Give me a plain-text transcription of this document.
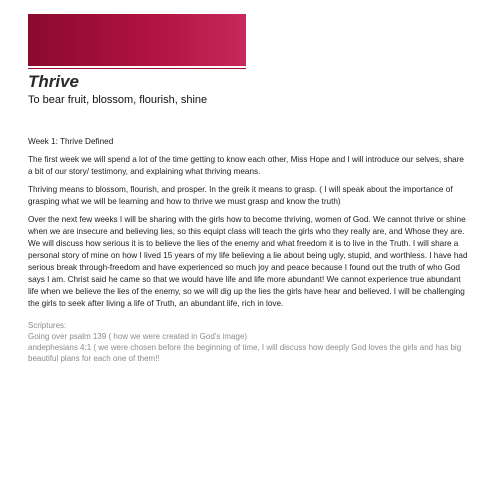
Thrive

To bear fruit, blossom, flourish, shine

Week 1: Thrive Defined

The first week we will spend a lot of the time getting to know each other, Miss Hope and I will introduce our selves, share a bit of our story/ testimony, and explaining what thriving means.

Thriving means to blossom, flourish, and prosper. In the greik it means to grasp. ( I will speak about the importance of grasping what we will be learning and how to thrive we must grasp and know the truth)

Over the next few weeks I will be sharing with the girls how to become thriving, women of God. We cannot thrive or shine when we are insecure and believing lies, so this equipt class will teach the girls who they really are, and Whose they are. We will discuss how serious it is to believe the lies of the enemy and what freedom it is to live in the Truth. I will share a personal story of mine on how I lived 15 years of my life believing a lie about being ugly, stupid, and worthless. I have had serious break through-freedom and have experienced so much joy and peace because I found out the truth of who God says I am. Christ said he came so that we would have life and life more abundant! We cannot experience true abundant life when we believe the lies of the enemy, so we will dig up the lies the girls have hear and believed. I will be challenging the girls to seek after living a life of Truth, an abundant life, rich in love.

Scriptures:
Going over psalm 139 ( how we were created in God’s image)
andephesians 4:1 ( we were chosen before the beginning of time, I will discuss how deeply God loves the girls and has big beautiful plans for each one of them!!
